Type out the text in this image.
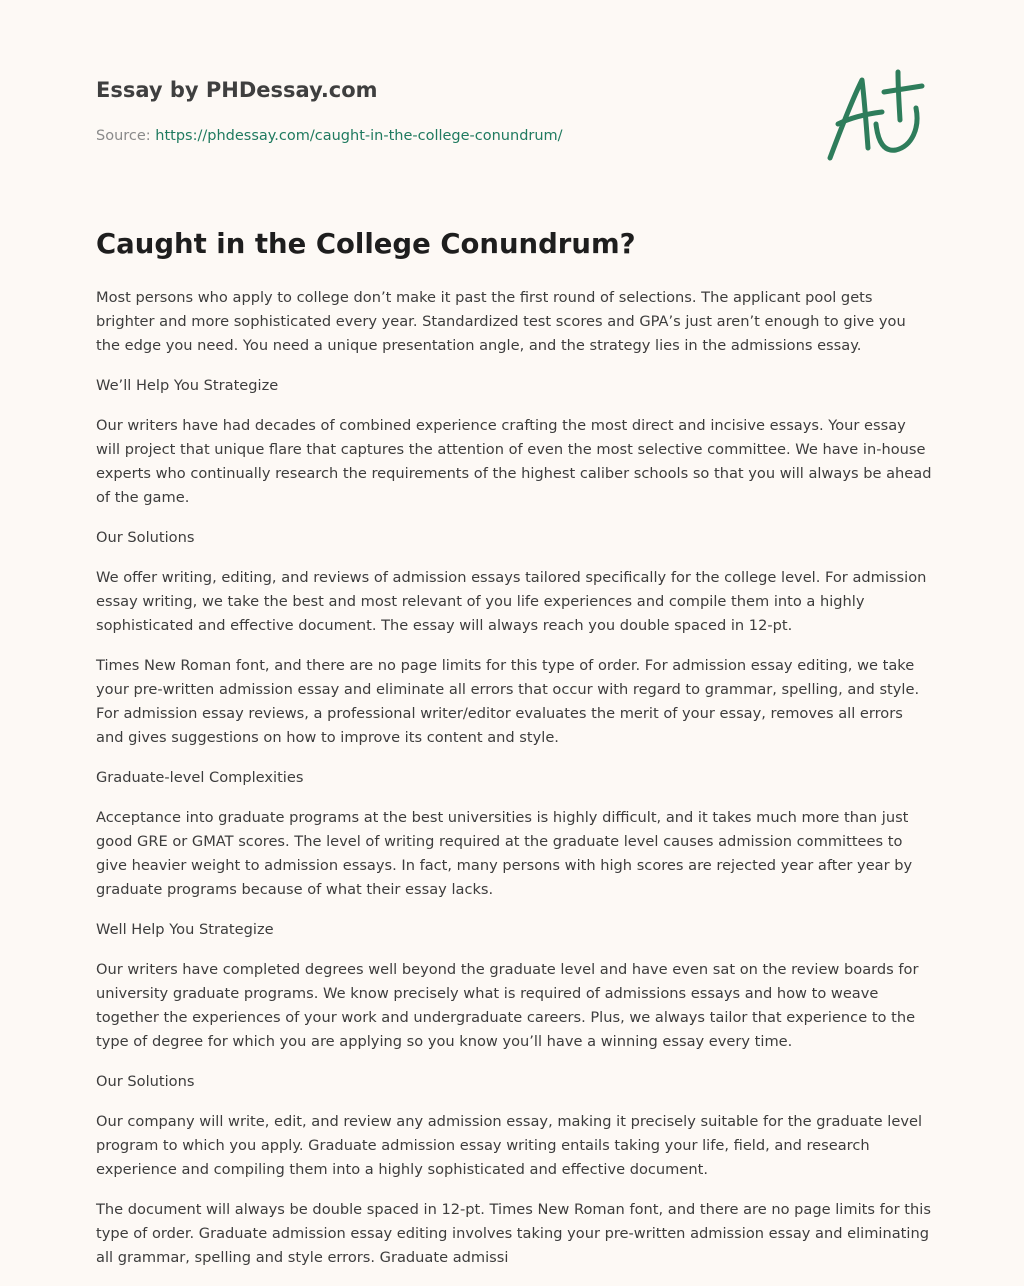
Essay by PHDessay.com
Source: https://phdessay.com/caught-in-the-college-conundrum/
Caught in the College Conundrum?

Most persons who apply to college don’t make it past the first round of selections. The applicant pool gets brighter and more sophisticated every year. Standardized test scores and GPA’s just aren’t enough to give you the edge you need. You need a unique presentation angle, and the strategy lies in the admissions essay.

We’ll Help You Strategize

Our writers have had decades of combined experience crafting the most direct and incisive essays. Your essay will project that unique flare that captures the attention of even the most selective committee. We have in-house experts who continually research the requirements of the highest caliber schools so that you will always be ahead of the game.

Our Solutions

We offer writing, editing, and reviews of admission essays tailored specifically for the college level. For admission essay writing, we take the best and most relevant of you life experiences and compile them into a highly sophisticated and effective document. The essay will always reach you double spaced in 12-pt.

Times New Roman font, and there are no page limits for this type of order. For admission essay editing, we take your pre-written admission essay and eliminate all errors that occur with regard to grammar, spelling, and style. For admission essay reviews, a professional writer/editor evaluates the merit of your essay, removes all errors and gives suggestions on how to improve its content and style.

Graduate-level Complexities

Acceptance into graduate programs at the best universities is highly difficult, and it takes much more than just good GRE or GMAT scores. The level of writing required at the graduate level causes admission committees to give heavier weight to admission essays. In fact, many persons with high scores are rejected year after year by graduate programs because of what their essay lacks.

Well Help You Strategize

Our writers have completed degrees well beyond the graduate level and have even sat on the review boards for university graduate programs. We know precisely what is required of admissions essays and how to weave together the experiences of your work and undergraduate careers. Plus, we always tailor that experience to the type of degree for which you are applying so you know you’ll have a winning essay every time.

Our Solutions

Our company will write, edit, and review any admission essay, making it precisely suitable for the graduate level program to which you apply. Graduate admission essay writing entails taking your life, field, and research experience and compiling them into a highly sophisticated and effective document.

The document will always be double spaced in 12-pt. Times New Roman font, and there are no page limits for this type of order. Graduate admission essay editing involves taking your pre-written admission essay and eliminating all grammar, spelling and style errors. Graduate admissi
